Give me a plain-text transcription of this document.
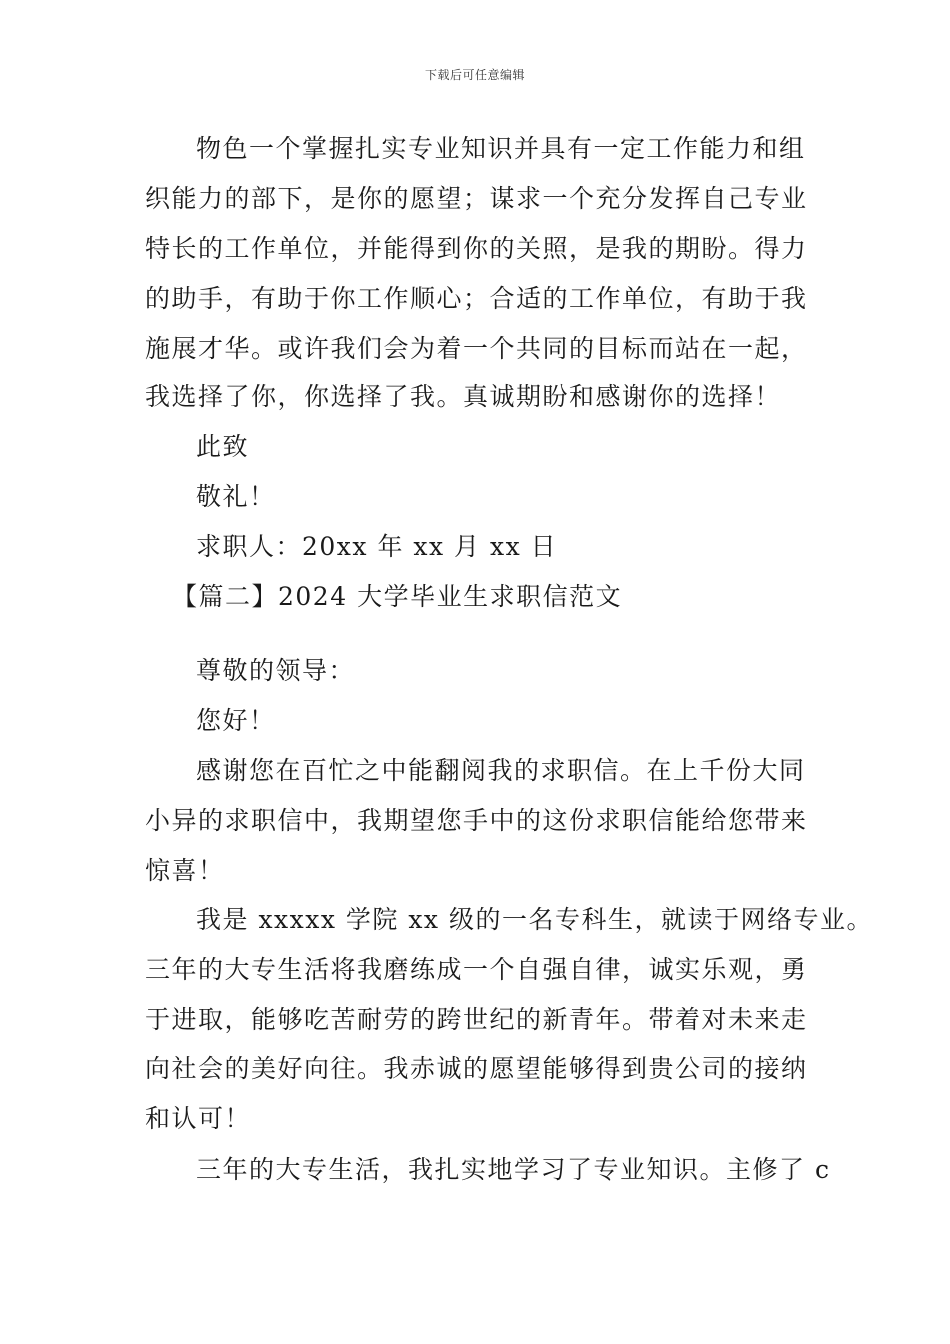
下载后可任意编辑
物色一个掌握扎实专业知识并具有一定工作能力和组
织能力的部下，是你的愿望；谋求一个充分发挥自己专业
特长的工作单位，并能得到你的关照，是我的期盼。得力
的助手，有助于你工作顺心；合适的工作单位，有助于我
施展才华。或许我们会为着一个共同的目标而站在一起，
我选择了你，你选择了我。真诚期盼和感谢你的选择！
此致
敬礼！
求职人：20xx 年 xx 月 xx 日
【篇二】2024 大学毕业生求职信范文
尊敬的领导：
您好！
感谢您在百忙之中能翻阅我的求职信。在上千份大同
小异的求职信中，我期望您手中的这份求职信能给您带来
惊喜！
我是 xxxxx 学院 xx 级的一名专科生，就读于网络专业。
三年的大专生活将我磨练成一个自强自律，诚实乐观，勇
于进取，能够吃苦耐劳的跨世纪的新青年。带着对未来走
向社会的美好向往。我赤诚的愿望能够得到贵公司的接纳
和认可！
三年的大专生活，我扎实地学习了专业知识。主修了 c
